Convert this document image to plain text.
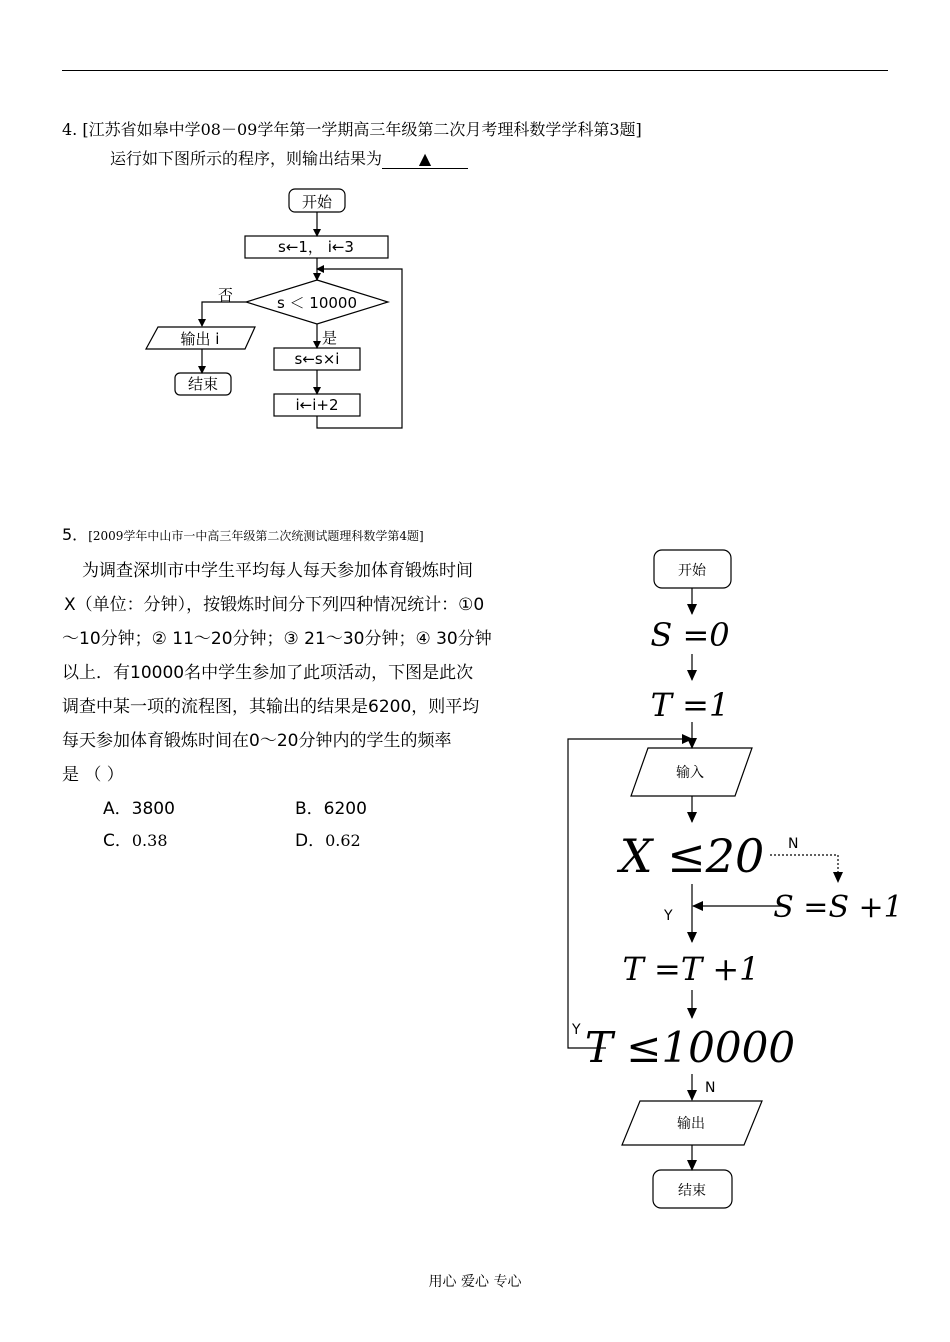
4. [江苏省如皋中学08－09学年第一学期高三年级第二次月考理科数学学科第3题]
运行如下图所示的程序，则输出结果为 ▲
开始
s←1， i←3
s ＜ 10000
否
是
输出 i
结束
s←s×i
i←i+2
5．[2009学年中山市一中高三年级第二次统测试题理科数学第4题]
为调查深圳市中学生平均每人每天参加体育锻炼时间
X（单位：分钟），按锻炼时间分下列四种情况统计：①0
～10分钟；② 11～20分钟；③ 21～30分钟；④ 30分钟
以上．有10000名中学生参加了此项活动，下图是此次
调查中某一项的流程图，其输出的结果是6200，则平均
每天参加体育锻炼时间在0～20分钟内的学生的频率
是 （ ）
A．3800	B．6200
C．0.38	D．0.62
开始
S =0
T =1
输入
X ≤20 N
S =S +1
Y
T =T +1
T ≤10000
Y
N
输出
结束
用心 爱心 专心
